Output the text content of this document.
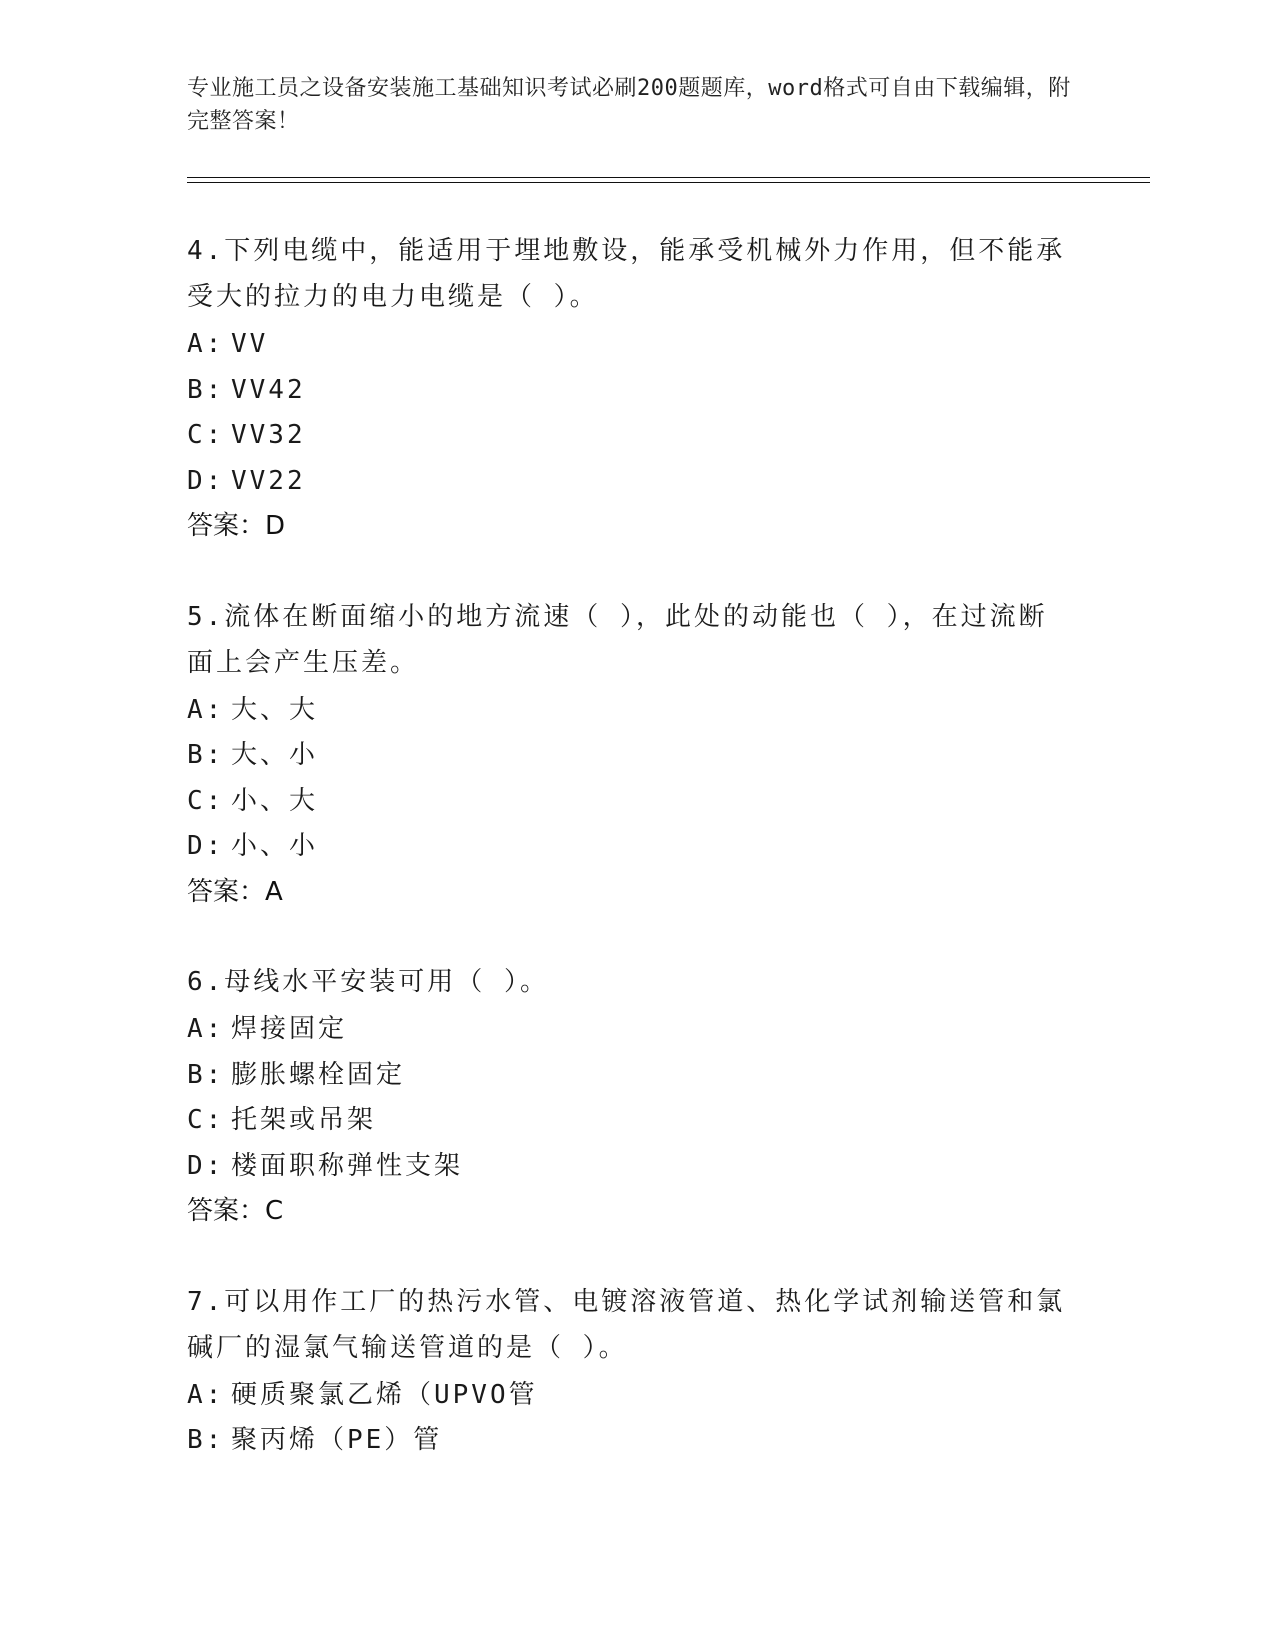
专业施工员之设备安装施工基础知识考试必刷200题题库，word格式可自由下载编辑，附完整答案！
4.下列电缆中，能适用于埋地敷设，能承受机械外力作用，但不能承受大的拉力的电力电缆是（ ）。
A: VV
B: VV42
C: VV32
D: VV22
答案：D
5.流体在断面缩小的地方流速（ ），此处的动能也（ ），在过流断面上会产生压差。
A: 大、大
B: 大、小
C: 小、大
D: 小、小
答案：A
6.母线水平安装可用（ ）。
A: 焊接固定
B: 膨胀螺栓固定
C: 托架或吊架
D: 楼面职称弹性支架
答案：C
7.可以用作工厂的热污水管、电镀溶液管道、热化学试剂输送管和氯碱厂的湿氯气输送管道的是（ ）。
A: 硬质聚氯乙烯（UPVO管
B: 聚丙烯（PE）管
